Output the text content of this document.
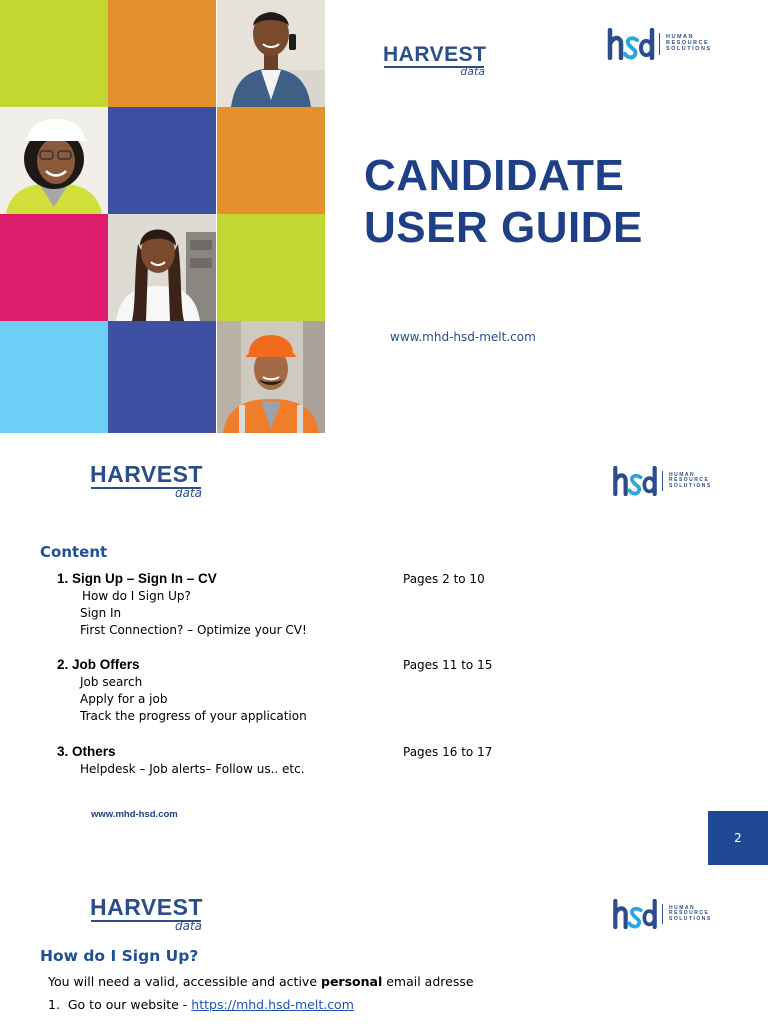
HARVEST
data
HUMAN
RESOURCE
SOLUTIONS
CANDIDATE
USER GUIDE
www.mhd-hsd-melt.com
HARVEST
data
HUMAN
RESOURCE
SOLUTIONS
Content
1. Sign Up – Sign In – CV	Pages 2 to 10
How do I Sign Up?
Sign In
First Connection? – Optimize your CV!
2. Job Offers	Pages 11 to 15
Job search
Apply for a job
Track the progress of your application
3. Others	Pages 16 to 17
Helpdesk – Job alerts– Follow us.. etc.
www.mhd-hsd.com
2
HARVEST
data
HUMAN
RESOURCE
SOLUTIONS
How do I Sign Up?
You will need a valid, accessible and active personal email adresse
1.  Go to our website - https://mhd.hsd-melt.com
